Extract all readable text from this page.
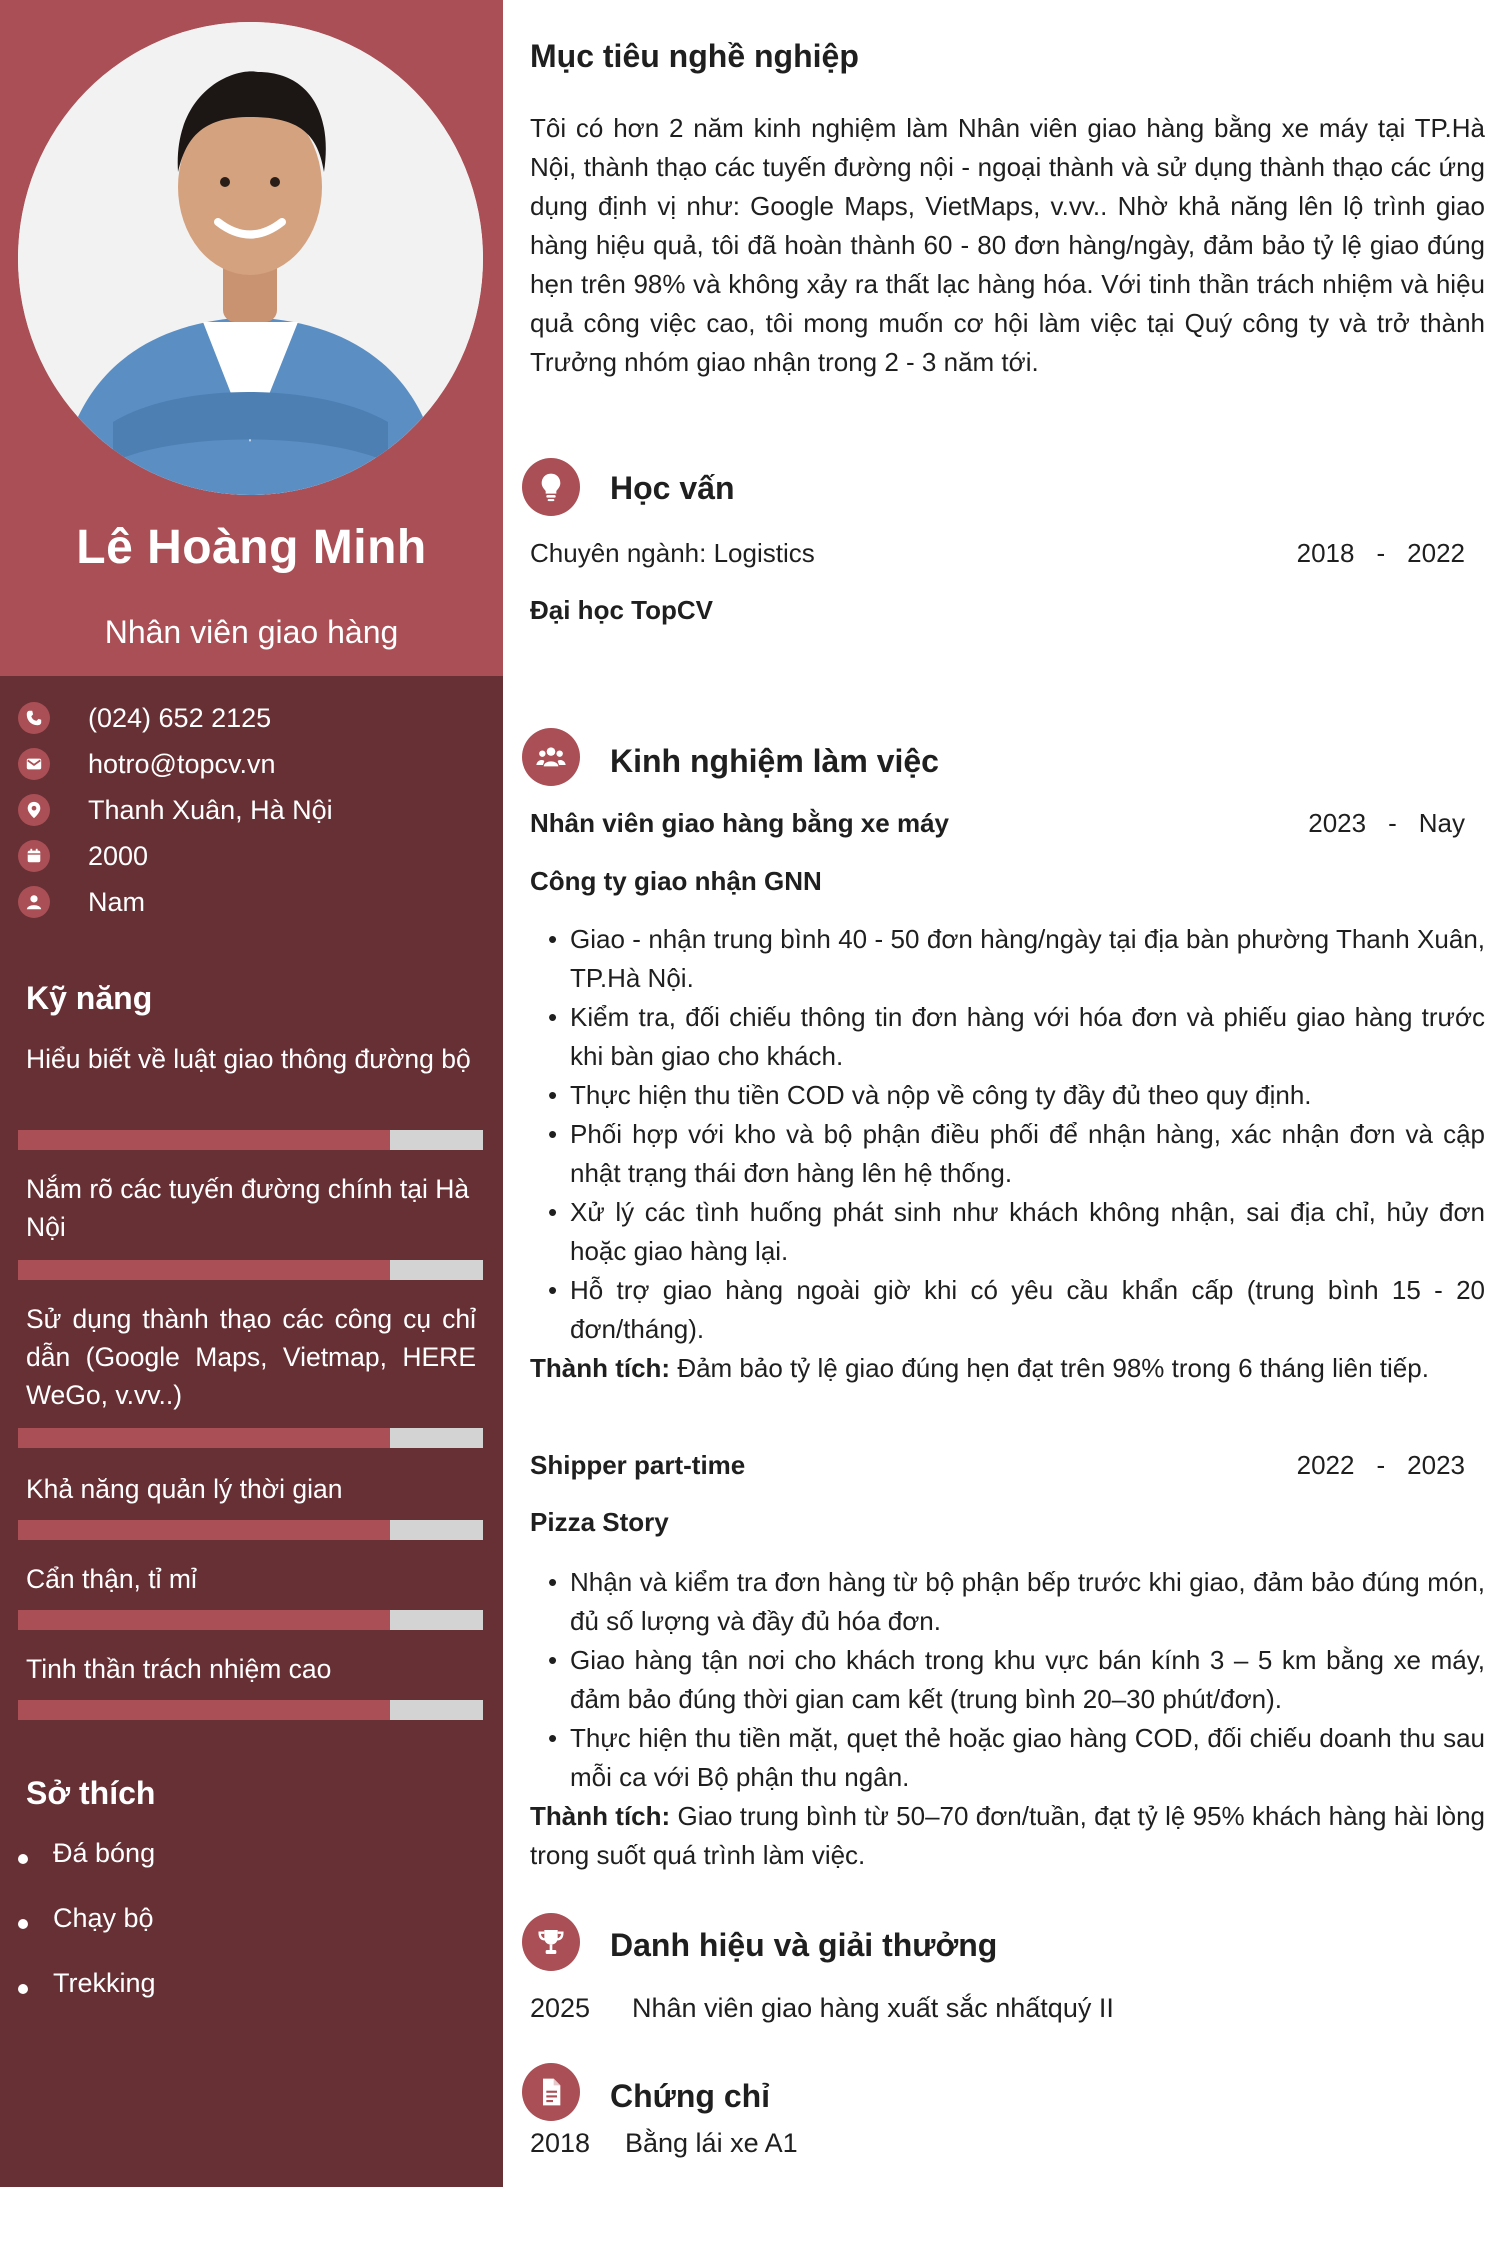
Lê Hoàng Minh
Nhân viên giao hàng
(024) 652 2125
hotro@topcv.vn
Thanh Xuân, Hà Nội
2000
Nam
Kỹ năng
Hiểu biết về luật giao thông đường bộ
Nắm rõ các tuyến đường chính tại Hà Nội
Sử dụng thành thạo các công cụ chỉ dẫn (Google Maps, Vietmap, HERE WeGo, v.vv..)
Khả năng quản lý thời gian
Cẩn thận, tỉ mỉ
Tinh thần trách nhiệm cao
Sở thích
Đá bóng
Chạy bộ
Trekking
Mục tiêu nghề nghiệp
Tôi có hơn 2 năm kinh nghiệm làm Nhân viên giao hàng bằng xe máy tại TP.Hà Nội, thành thạo các tuyến đường nội - ngoại thành và sử dụng thành thạo các ứng dụng định vị như: Google Maps, VietMaps, v.vv.. Nhờ khả năng lên lộ trình giao hàng hiệu quả, tôi đã hoàn thành 60 - 80 đơn hàng/ngày, đảm bảo tỷ lệ giao đúng hẹn trên 98% và không xảy ra thất lạc hàng hóa. Với tinh thần trách nhiệm và hiệu quả công việc cao, tôi mong muốn cơ hội làm việc tại Quý công ty và trở thành Trưởng nhóm giao nhận trong 2 - 3 năm tới.
Học vấn
Chuyên ngành: Logistics	2018 - 2022
Đại học TopCV
Kinh nghiệm làm việc
Nhân viên giao hàng bằng xe máy	2023 - Nay
Công ty giao nhận GNN
• Giao - nhận trung bình 40 - 50 đơn hàng/ngày tại địa bàn phường Thanh Xuân, TP.Hà Nội.
• Kiểm tra, đối chiếu thông tin đơn hàng với hóa đơn và phiếu giao hàng trước khi bàn giao cho khách.
• Thực hiện thu tiền COD và nộp về công ty đầy đủ theo quy định.
• Phối hợp với kho và bộ phận điều phối để nhận hàng, xác nhận đơn và cập nhật trạng thái đơn hàng lên hệ thống.
• Xử lý các tình huống phát sinh như khách không nhận, sai địa chỉ, hủy đơn hoặc giao hàng lại.
• Hỗ trợ giao hàng ngoài giờ khi có yêu cầu khẩn cấp (trung bình 15 - 20 đơn/tháng).
Thành tích: Đảm bảo tỷ lệ giao đúng hẹn đạt trên 98% trong 6 tháng liên tiếp.
Shipper part-time	2022 - 2023
Pizza Story
• Nhận và kiểm tra đơn hàng từ bộ phận bếp trước khi giao, đảm bảo đúng món, đủ số lượng và đầy đủ hóa đơn.
• Giao hàng tận nơi cho khách trong khu vực bán kính 3 – 5 km bằng xe máy, đảm bảo đúng thời gian cam kết (trung bình 20–30 phút/đơn).
• Thực hiện thu tiền mặt, quẹt thẻ hoặc giao hàng COD, đối chiếu doanh thu sau mỗi ca với Bộ phận thu ngân.
Thành tích: Giao trung bình từ 50–70 đơn/tuần, đạt tỷ lệ 95% khách hàng hài lòng trong suốt quá trình làm việc.
Danh hiệu và giải thưởng
2025	Nhân viên giao hàng xuất sắc nhấtquý II
Chứng chỉ
2018	Bằng lái xe A1
